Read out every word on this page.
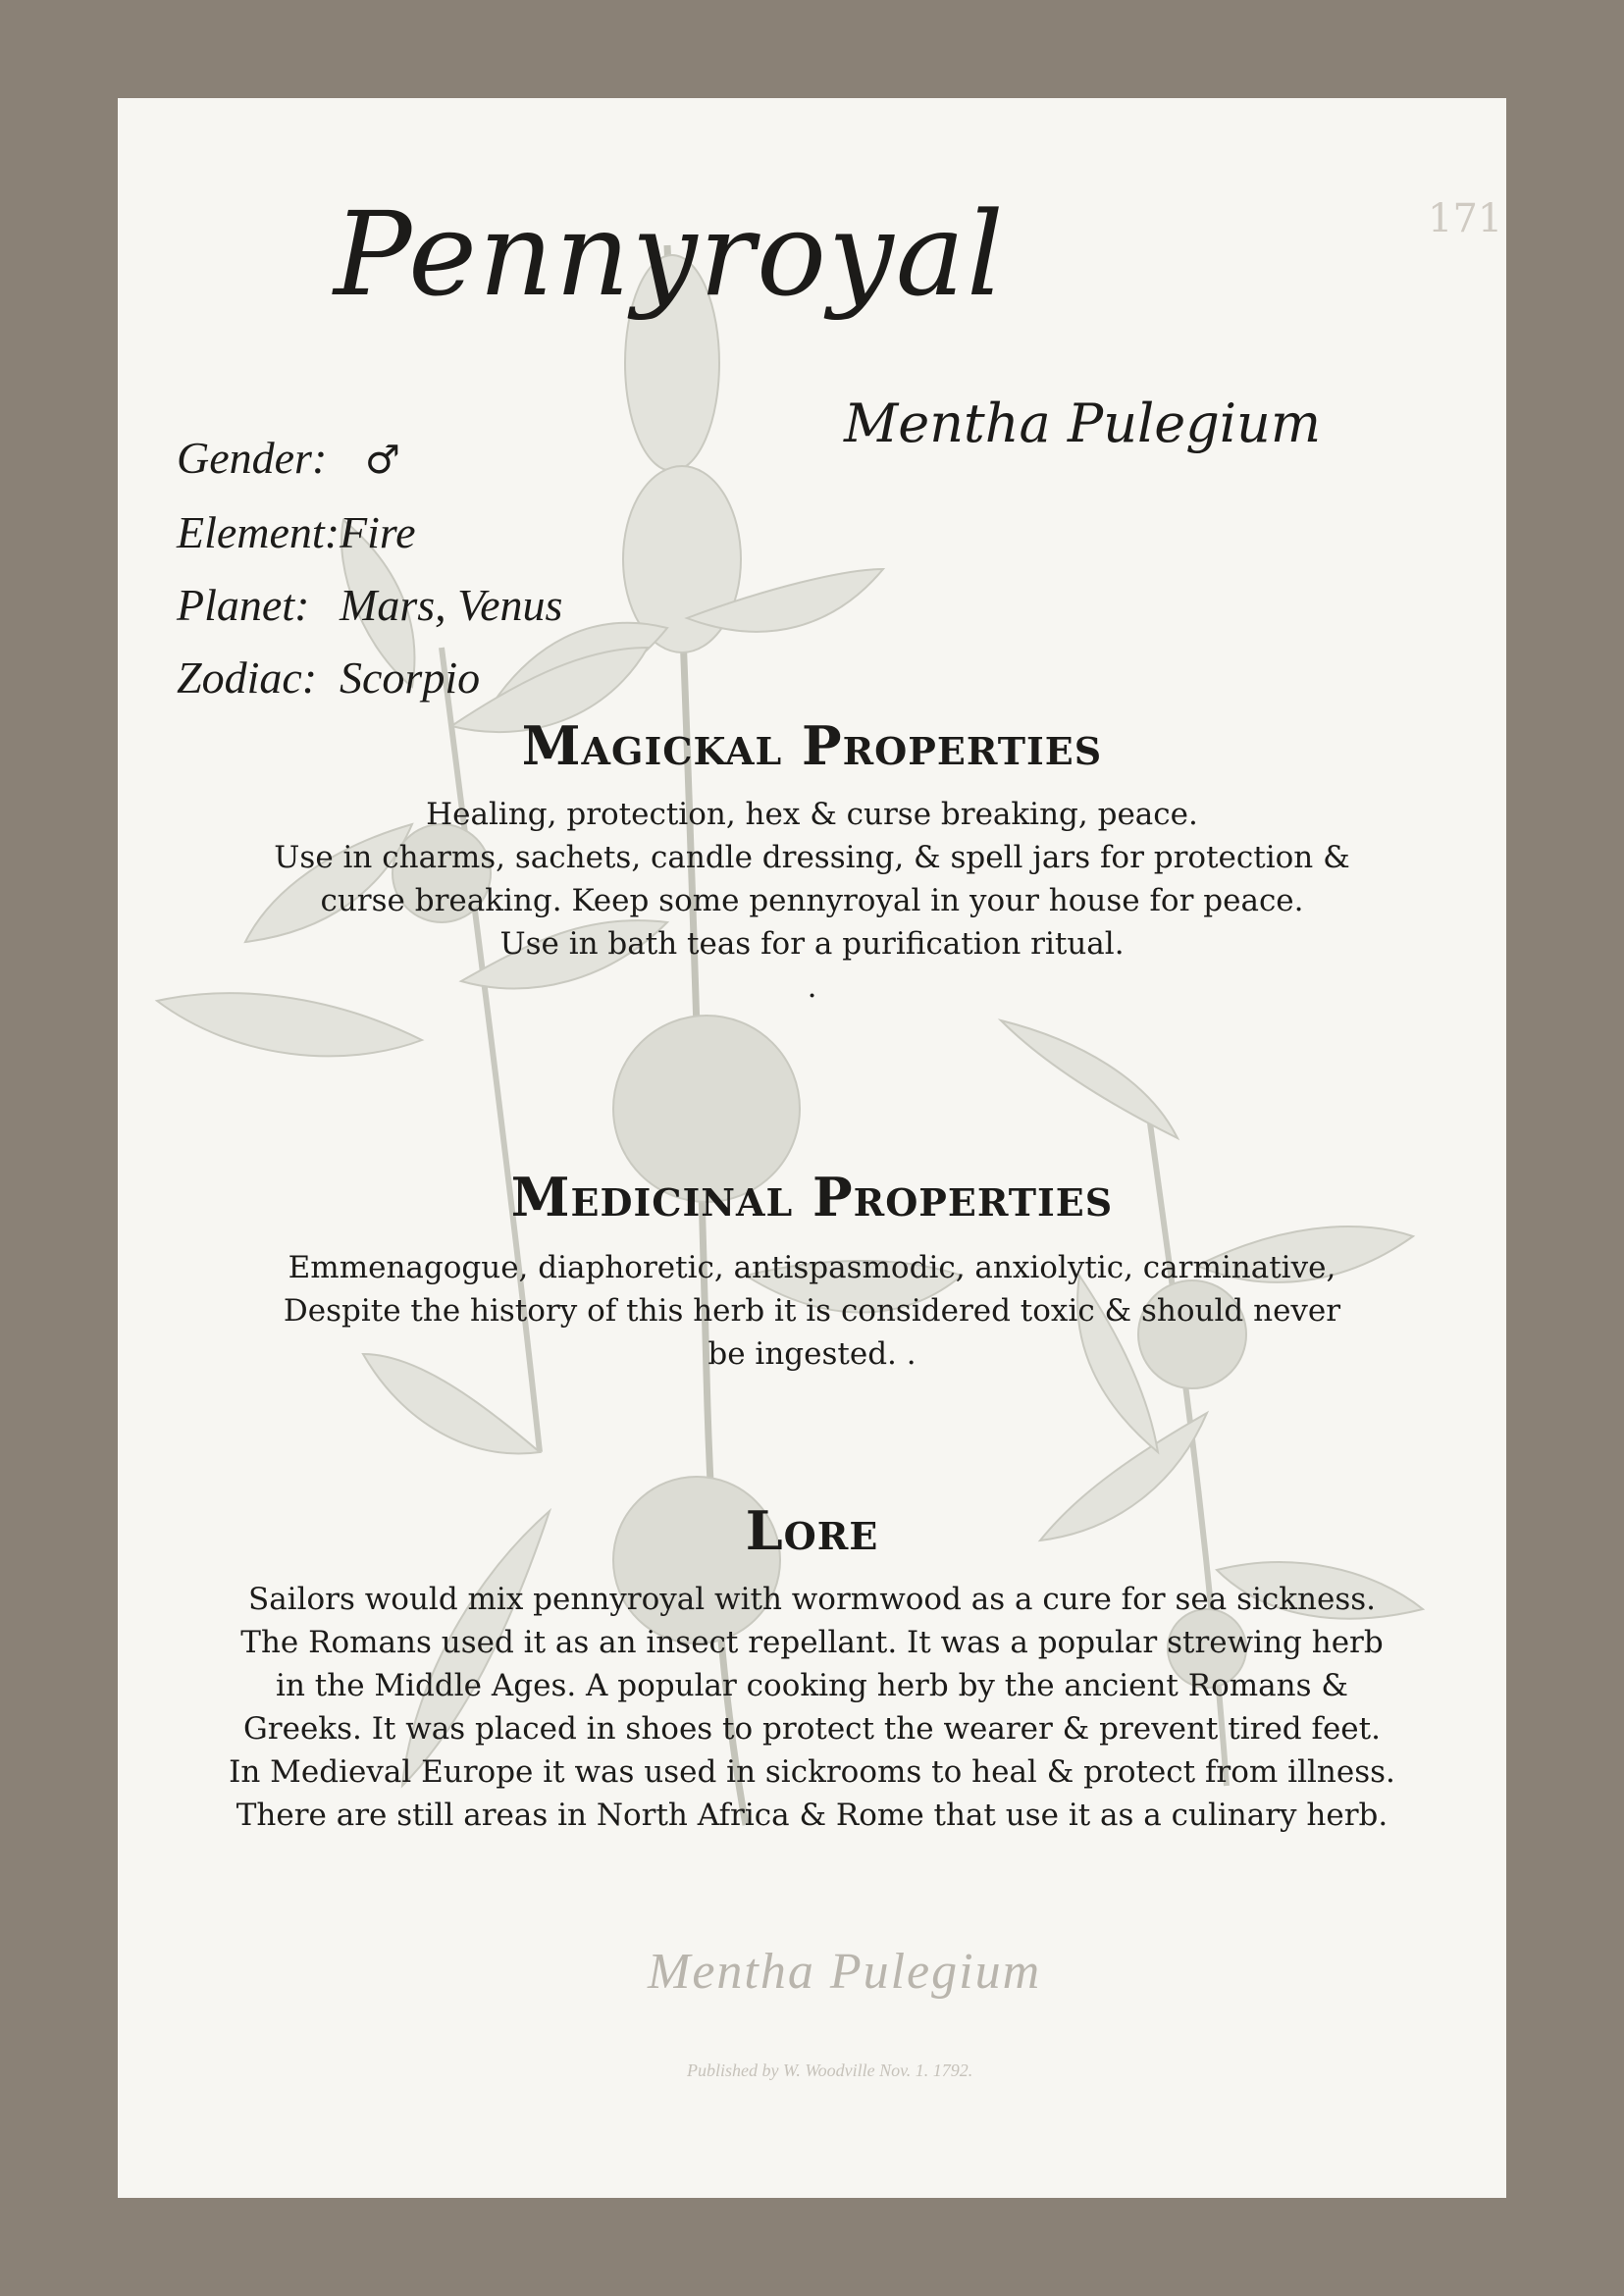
171
Pennyroyal
Mentha Pulegium
Gender: ♂
Element:Fire
Planet: Mars, Venus
Zodiac: Scorpio
Magickal Properties
Healing, protection, hex & curse breaking, peace.
Use in charms, sachets, candle dressing, & spell jars for protection &
curse breaking. Keep some pennyroyal in your house for peace.
Use in bath teas for a purification ritual.
.
Medicinal Properties
Emmenagogue, diaphoretic, antispasmodic, anxiolytic, carminative,
Despite the history of this herb it is considered toxic & should never
be ingested. .
Lore
Sailors would mix pennyroyal with wormwood as a cure for sea sickness.
The Romans used it as an insect repellant. It was a popular strewing herb
in the Middle Ages. A popular cooking herb by the ancient Romans &
Greeks. It was placed in shoes to protect the wearer & prevent tired feet.
In Medieval Europe it was used in sickrooms to heal & protect from illness.
There are still areas in North Africa & Rome that use it as a culinary herb.
Mentha Pulegium
Published by W. Woodville Nov. 1. 1792.
